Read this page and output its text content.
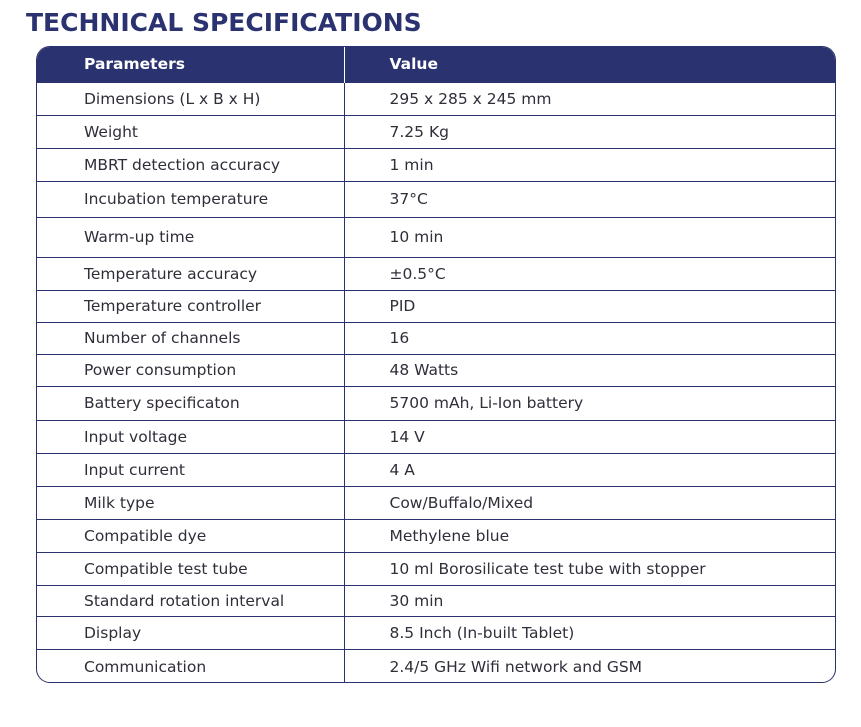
TECHNICAL SPECIFICATIONS
Parameters	Value
Dimensions (L x B x H)	295 x 285 x 245 mm
Weight	7.25 Kg
MBRT detection accuracy	1 min
Incubation temperature	37°C
Warm-up time	10 min
Temperature accuracy	±0.5°C
Temperature controller	PID
Number of channels	16
Power consumption	48 Watts
Battery specificaton	5700 mAh, Li-Ion battery
Input voltage	14 V
Input current	4 A
Milk type	Cow/Buffalo/Mixed
Compatible dye	Methylene blue
Compatible test tube	10 ml Borosilicate test tube with stopper
Standard rotation interval	30 min
Display	8.5 Inch (In-built Tablet)
Communication	2.4/5 GHz Wifi network and GSM
